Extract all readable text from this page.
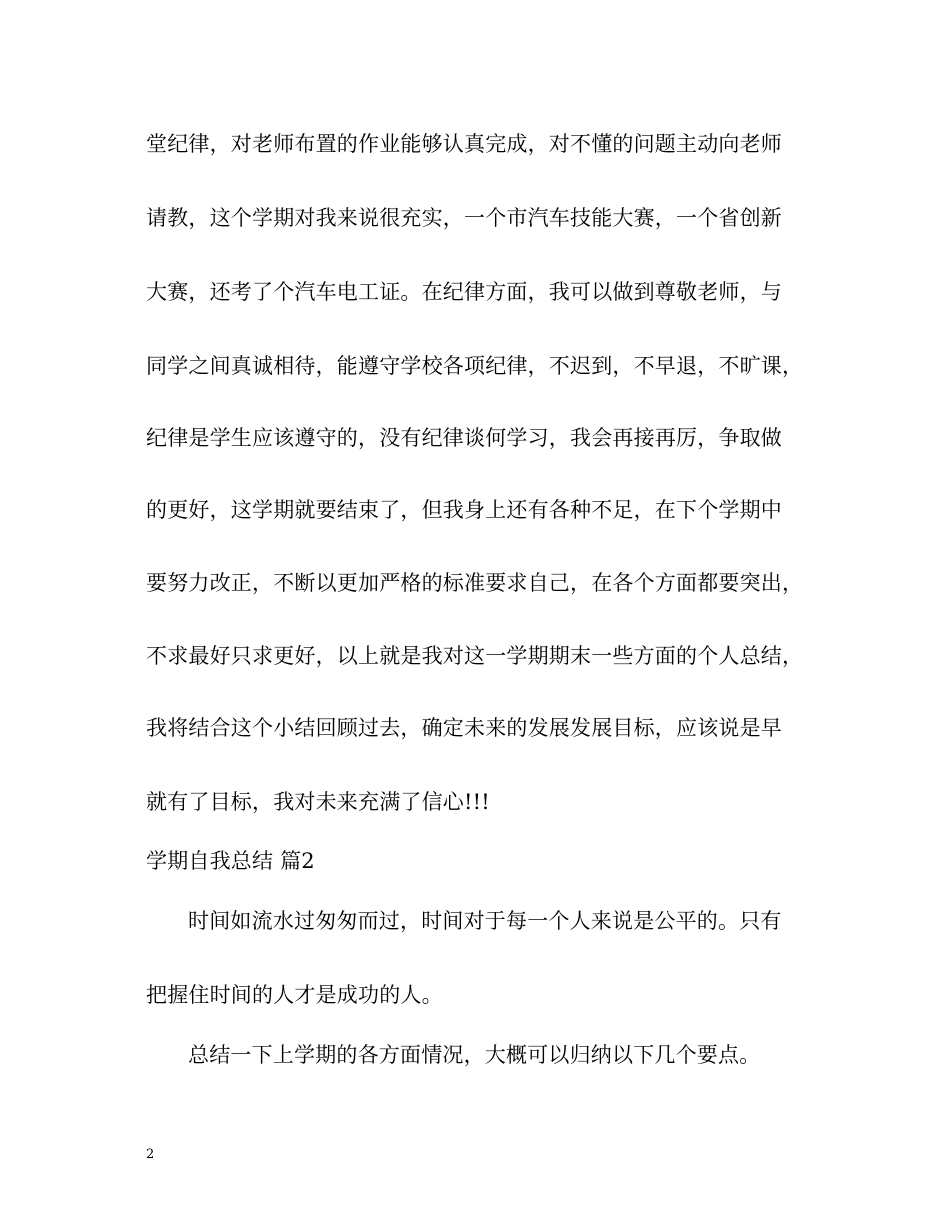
堂纪律，对老师布置的作业能够认真完成，对不懂的问题主动向老师
请教，这个学期对我来说很充实，一个市汽车技能大赛，一个省创新
大赛，还考了个汽车电工证。在纪律方面，我可以做到尊敬老师，与
同学之间真诚相待，能遵守学校各项纪律，不迟到，不早退，不旷课，
纪律是学生应该遵守的，没有纪律谈何学习，我会再接再厉，争取做
的更好，这学期就要结束了，但我身上还有各种不足，在下个学期中
要努力改正，不断以更加严格的标准要求自己，在各个方面都要突出，
不求最好只求更好，以上就是我对这一学期期末一些方面的个人总结，
我将结合这个小结回顾过去，确定未来的发展发展目标，应该说是早
就有了目标，我对未来充满了信心!!!
学期自我总结 篇2
时间如流水过匆匆而过，时间对于每一个人来说是公平的。只有
把握住时间的人才是成功的人。
总结一下上学期的各方面情况，大概可以归纳以下几个要点。
2
